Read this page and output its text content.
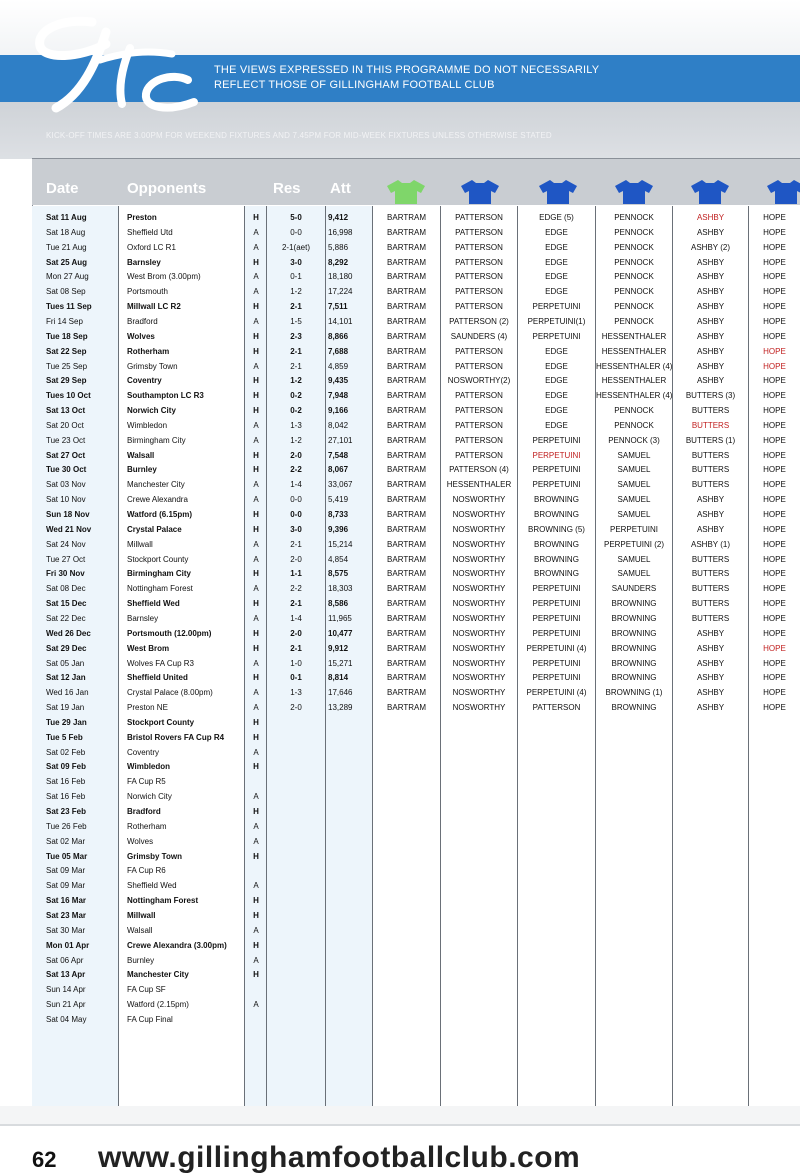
THE VIEWS EXPRESSED IN THIS PROGRAMME DO NOT NECESSARILY
REFLECT THOSE OF GILLINGHAM FOOTBALL CLUB
KICK-OFF TIMES ARE 3.00PM FOR WEEKEND FIXTURES AND 7.45PM FOR MID-WEEK FIXTURES UNLESS OTHERWISE STATED
Date	Opponents	Res Att
Sat 11 Aug	Preston	H	5-0	9,412	BARTRAM	PATTERSON	EDGE (5)	PENNOCK	ASHBY	HOPE
Sat 18 Aug	Sheffield Utd	A	0-0	16,998	BARTRAM	PATTERSON	EDGE	PENNOCK	ASHBY	HOPE
Tue 21 Aug	Oxford LC R1	A	2-1(aet)	5,886	BARTRAM	PATTERSON	EDGE	PENNOCK	ASHBY (2)	HOPE
Sat 25 Aug	Barnsley	H	3-0	8,292	BARTRAM	PATTERSON	EDGE	PENNOCK	ASHBY	HOPE
Mon 27 Aug	West Brom (3.00pm)	A	0-1	18,180	BARTRAM	PATTERSON	EDGE	PENNOCK	ASHBY	HOPE
Sat 08 Sep	Portsmouth	A	1-2	17,224	BARTRAM	PATTERSON	EDGE	PENNOCK	ASHBY	HOPE
Tues 11 Sep	Millwall LC R2	H	2-1	7,511	BARTRAM	PATTERSON	PERPETUINI	PENNOCK	ASHBY	HOPE
Fri 14 Sep	Bradford	A	1-5	14,101	BARTRAM	PATTERSON (2)	PERPETUINI(1)	PENNOCK	ASHBY	HOPE
Tue 18 Sep	Wolves	H	2-3	8,866	BARTRAM	SAUNDERS (4)	PERPETUINI	HESSENTHALER	ASHBY	HOPE
Sat 22 Sep	Rotherham	H	2-1	7,688	BARTRAM	PATTERSON	EDGE	HESSENTHALER	ASHBY	HOPE
Tue 25 Sep	Grimsby Town	A	2-1	4,859	BARTRAM	PATTERSON	EDGE	HESSENTHALER (4)	ASHBY	HOPE
Sat 29 Sep	Coventry	H	1-2	9,435	BARTRAM	NOSWORTHY(2)	EDGE	HESSENTHALER	ASHBY	HOPE
Tues 10 Oct	Southampton LC R3	H	0-2	7,948	BARTRAM	PATTERSON	EDGE	HESSENTHALER (4)	BUTTERS (3)	HOPE
Sat 13 Oct	Norwich City	H	0-2	9,166	BARTRAM	PATTERSON	EDGE	PENNOCK	BUTTERS	HOPE
Sat 20 Oct	Wimbledon	A	1-3	8,042	BARTRAM	PATTERSON	EDGE	PENNOCK	BUTTERS	HOPE
Tue 23 Oct	Birmingham City	A	1-2	27,101	BARTRAM	PATTERSON	PERPETUINI	PENNOCK (3)	BUTTERS (1)	HOPE
Sat 27 Oct	Walsall	H	2-0	7,548	BARTRAM	PATTERSON	PERPETUINI	SAMUEL	BUTTERS	HOPE
Tue 30 Oct	Burnley	H	2-2	8,067	BARTRAM	PATTERSON (4)	PERPETUINI	SAMUEL	BUTTERS	HOPE
Sat 03 Nov	Manchester City	A	1-4	33,067	BARTRAM	HESSENTHALER	PERPETUINI	SAMUEL	BUTTERS	HOPE
Sat 10 Nov	Crewe Alexandra	A	0-0	5,419	BARTRAM	NOSWORTHY	BROWNING	SAMUEL	ASHBY	HOPE
Sun 18 Nov	Watford (6.15pm)	H	0-0	8,733	BARTRAM	NOSWORTHY	BROWNING	SAMUEL	ASHBY	HOPE
Wed 21 Nov	Crystal Palace	H	3-0	9,396	BARTRAM	NOSWORTHY	BROWNING (5)	PERPETUINI	ASHBY	HOPE
Sat 24 Nov	Millwall	A	2-1	15,214	BARTRAM	NOSWORTHY	BROWNING	PERPETUINI (2)	ASHBY (1)	HOPE
Tue 27 Oct	Stockport County	A	2-0	4,854	BARTRAM	NOSWORTHY	BROWNING	SAMUEL	BUTTERS	HOPE
Fri 30 Nov	Birmingham City	H	1-1	8,575	BARTRAM	NOSWORTHY	BROWNING	SAMUEL	BUTTERS	HOPE
Sat 08 Dec	Nottingham Forest	A	2-2	18,303	BARTRAM	NOSWORTHY	PERPETUINI	SAUNDERS	BUTTERS	HOPE
Sat 15 Dec	Sheffield Wed	H	2-1	8,586	BARTRAM	NOSWORTHY	PERPETUINI	BROWNING	BUTTERS	HOPE
Sat 22 Dec	Barnsley	A	1-4	11,965	BARTRAM	NOSWORTHY	PERPETUINI	BROWNING	BUTTERS	HOPE
Wed 26 Dec	Portsmouth (12.00pm)	H	2-0	10,477	BARTRAM	NOSWORTHY	PERPETUINI	BROWNING	ASHBY	HOPE
Sat 29 Dec	West Brom	H	2-1	9,912	BARTRAM	NOSWORTHY	PERPETUINI (4)	BROWNING	ASHBY	HOPE
Sat 05 Jan	Wolves FA Cup R3	A	1-0	15,271	BARTRAM	NOSWORTHY	PERPETUINI	BROWNING	ASHBY	HOPE
Sat 12 Jan	Sheffield United	H	0-1	8,814	BARTRAM	NOSWORTHY	PERPETUINI	BROWNING	ASHBY	HOPE
Wed 16 Jan	Crystal Palace (8.00pm)	A	1-3	17,646	BARTRAM	NOSWORTHY	PERPETUINI (4)	BROWNING (1)	ASHBY	HOPE
Sat 19 Jan	Preston NE	A	2-0	13,289	BARTRAM	NOSWORTHY	PATTERSON	BROWNING	ASHBY	HOPE
Tue 29 Jan	Stockport County	H
Tue 5 Feb	Bristol Rovers FA Cup R4	H
Sat 02 Feb	Coventry	A
Sat 09 Feb	Wimbledon	H
Sat 16 Feb	FA Cup R5
Sat 16 Feb	Norwich City	A
Sat 23 Feb	Bradford	H
Tue 26 Feb	Rotherham	A
Sat 02 Mar	Wolves	A
Tue 05 Mar	Grimsby Town	H
Sat 09 Mar	FA Cup R6
Sat 09 Mar	Sheffield Wed	A
Sat 16 Mar	Nottingham Forest	H
Sat 23 Mar	Millwall	H
Sat 30 Mar	Walsall	A
Mon 01 Apr	Crewe Alexandra (3.00pm)	H
Sat 06 Apr	Burnley	A
Sat 13 Apr	Manchester City	H
Sun 14 Apr	FA Cup SF
Sun 21 Apr	Watford (2.15pm)	A
Sat 04 May	FA Cup Final
62 www.gillinghamfootballclub.com
